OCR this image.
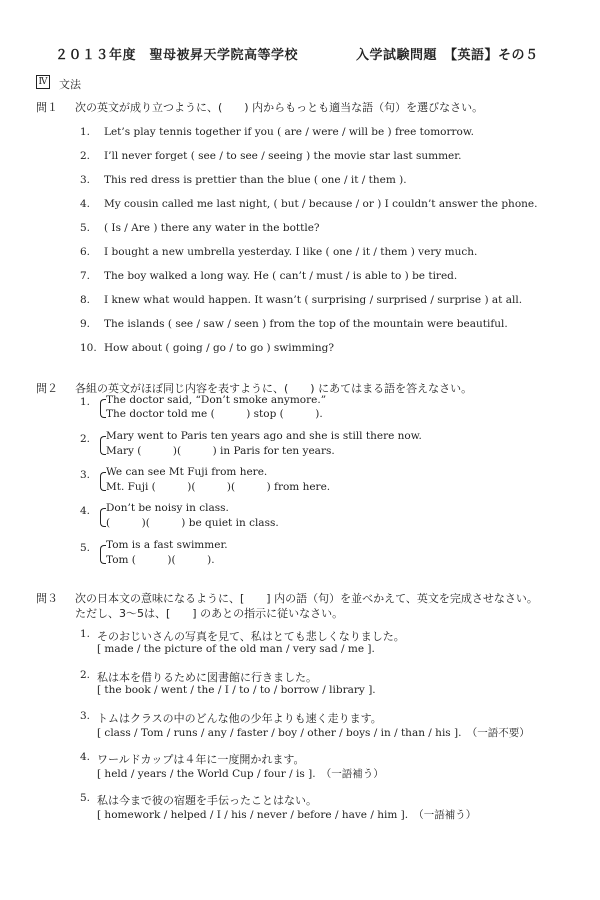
２０１３年度　聖母被昇天学院高等学校	入学試験問題　【英語】その５
Ⅳ 文法
問１ 次の英文が成り立つように、(　　) 内からもっとも適当な語（句）を選びなさい。
1. Let’s play tennis together if you ( are / were / will be ) free tomorrow.
2. I’ll never forget ( see / to see / seeing ) the movie star last summer.
3. This red dress is prettier than the blue ( one / it / them ).
4. My cousin called me last night, ( but / because / or ) I couldn’t answer the phone.
5. ( Is / Are ) there any water in the bottle?
6. I bought a new umbrella yesterday. I like ( one / it / them ) very much.
7. The boy walked a long way. He ( can’t / must / is able to ) be tired.
8. I knew what would happen. It wasn’t ( surprising / surprised / surprise ) at all.
9. The islands ( see / saw / seen ) from the top of the mountain were beautiful.
10. How about ( going / go / to go ) swimming?
問２ 各組の英文がほぼ同じ内容を表すように、(　　) にあてはまる語を答えなさい。
1. The doctor said, “Don’t smoke anymore.”
The doctor told me (　　　) stop (　　　).
2. Mary went to Paris ten years ago and she is still there now.
Mary (　　　)(　　　) in Paris for ten years.
3. We can see Mt Fuji from here.
Mt. Fuji (　　　)(　　　)(　　　) from here.
4. Don’t be noisy in class.
(　　　)(　　　) be quiet in class.
5. Tom is a fast swimmer.
Tom (　　　)(　　　).
問３ 次の日本文の意味になるように、[　　] 内の語（句）を並べかえて、英文を完成させなさい。
ただし、3～5は、[　　] のあとの指示に従いなさい。
1. そのおじいさんの写真を見て、私はとても悲しくなりました。
[ made / the picture of the old man / very sad / me ].
2. 私は本を借りるために図書館に行きました。
[ the book / went / the / I / to / to / borrow / library ].
3. トムはクラスの中のどんな他の少年よりも速く走ります。
[ class / Tom / runs / any / faster / boy / other / boys / in / than / his ].　（一語不要）
4. ワールドカップは４年に一度開かれます。
[ held / years / the World Cup / four / is ].　（一語補う）
5. 私は今まで彼の宿題を手伝ったことはない。
[ homework / helped / I / his / never / before / have / him ].　（一語補う）
